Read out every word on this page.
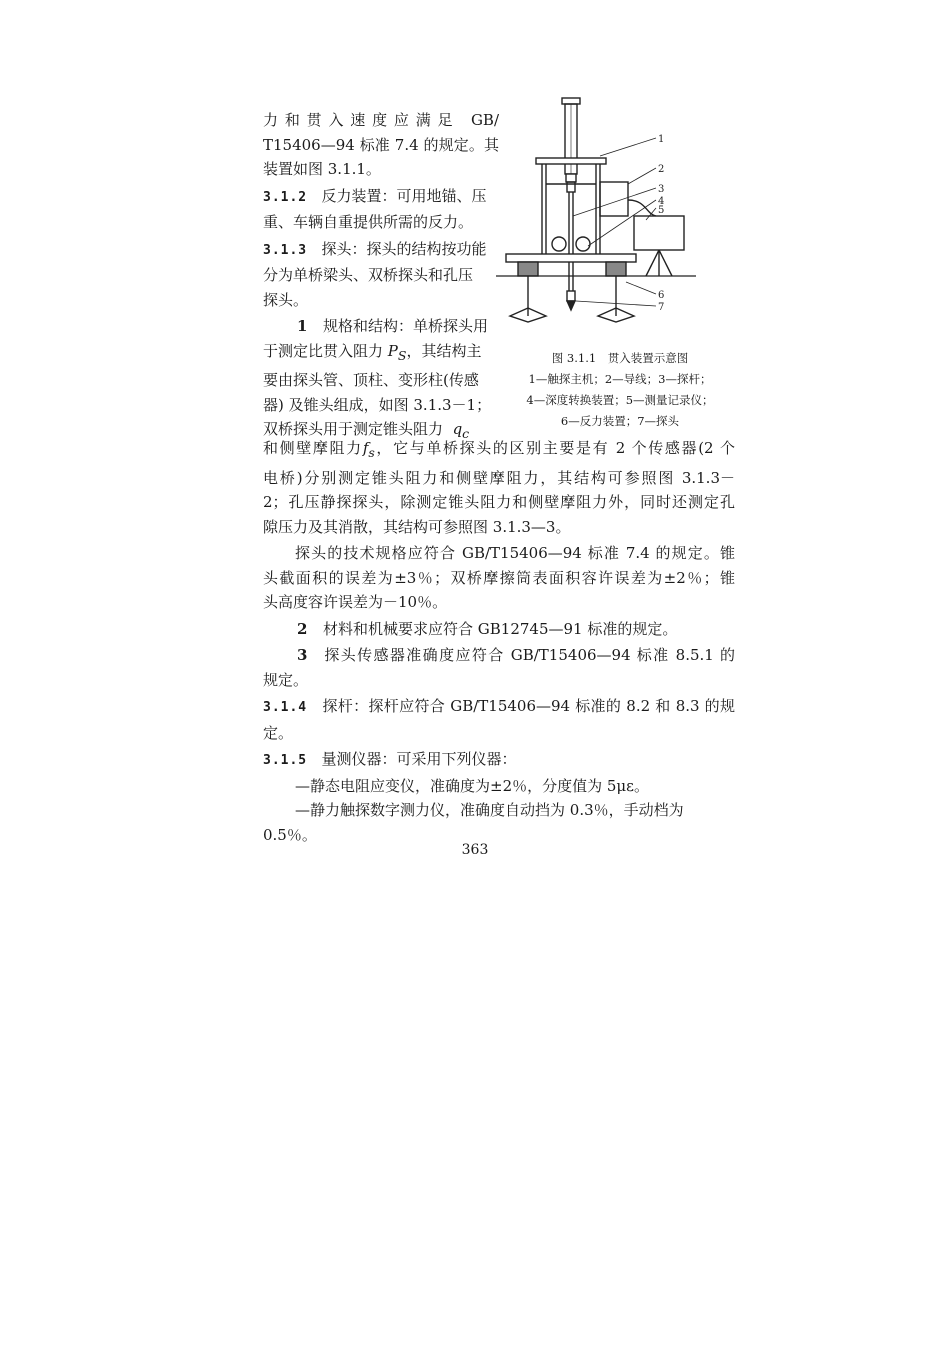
力和贯入速度应满足 GB/

T15406—94 标准 7.4 的规定。其

装置如图 3.1.1。

3.1.2 反力装置：可用地锚、压

重、车辆自重提供所需的反力。

3.1.3 探头：探头的结构按功能

分为单桥梁头、双桥探头和孔压

探头。

1 规格和结构：单桥探头用

于测定比贯入阻力 $P_S$，其结构主

要由探头管、顶柱、变形柱(传感

器) 及锥头组成，如图 3.1.3－1；

双桥探头用于测定锥头阻力 $q_c$

1
2
3
4
5
6
7
图 3.1.1　贯入装置示意图
1—触探主机；2—导线；3—探杆；
4—深度转换装置；5—测量记录仪；
6—反力装置；7—探头

和侧壁摩阻力$f_s$，它与单桥探头的区别主要是有 2 个传感器(2 个

电桥)分别测定锥头阻力和侧壁摩阻力，其结构可参照图 3.1.3－

2；孔压静探探头，除测定锥头阻力和侧壁摩阻力外，同时还测定孔

隙压力及其消散，其结构可参照图 3.1.3—3。

探头的技术规格应符合 GB/T15406—94 标准 7.4 的规定。锥

头截面积的误差为±3％；双桥摩擦筒表面积容许误差为±2％；锥

头高度容许误差为－10％。

2 材料和机械要求应符合 GB12745—91 标准的规定。

3 探头传感器准确度应符合 GB/T15406—94 标准 8.5.1 的

规定。

3.1.4 探杆：探杆应符合 GB/T15406—94 标准的 8.2 和 8.3 的规

定。

3.1.5 量测仪器：可采用下列仪器：

—静态电阻应变仪，准确度为±2％，分度值为 5με。

—静力触探数字测力仪，准确度自动挡为 0.3％，手动档为 0.5％。

363
